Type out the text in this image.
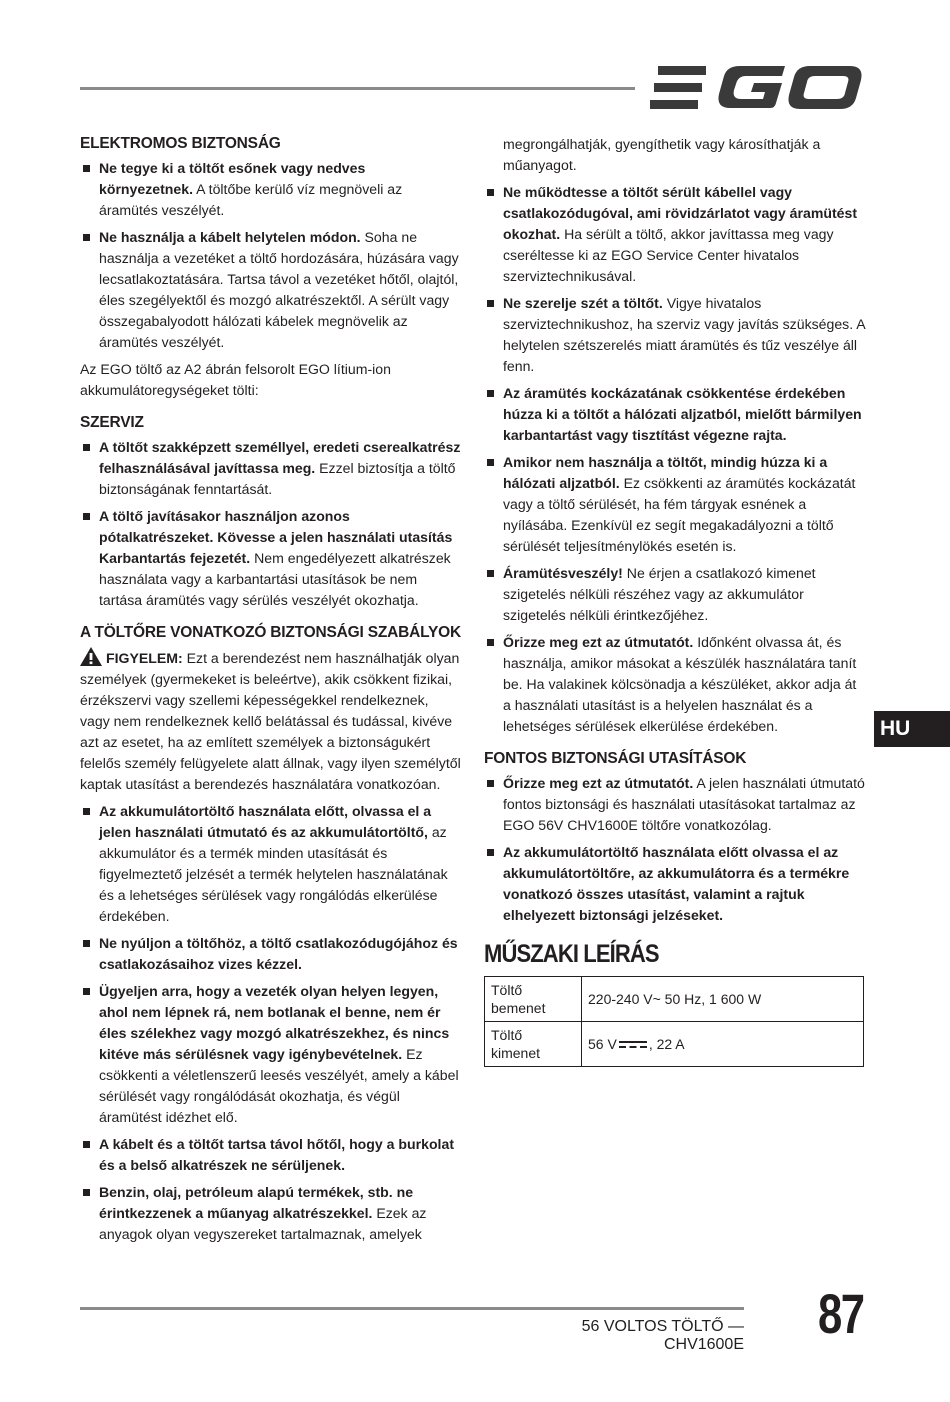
ELEKTROMOS BIZTONSÁG
Ne tegye ki a töltőt esőnek vagy nedves környezetnek. A töltőbe kerülő víz megnöveli az áramütés veszélyét.
Ne használja a kábelt helytelen módon. Soha ne használja a vezetéket a töltő hordozására, húzására vagy lecsatlakoztatására. Tartsa távol a vezetéket hőtől, olajtól, éles szegélyektől és mozgó alkatrészektől. A sérült vagy összegabalyodott hálózati kábelek megnövelik az áramütés veszélyét.
Az EGO töltő az A2 ábrán felsorolt EGO lítium-ion akkumulátoregységeket tölti:
SZERVIZ
A töltőt szakképzett személlyel, eredeti cserealkatrész felhasználásával javíttassa meg. Ezzel biztosítja a töltő biztonságának fenntartását.
A töltő javításakor használjon azonos pótalkatrészeket. Kövesse a jelen használati utasítás Karbantartás fejezetét. Nem engedélyezett alkatrészek használata vagy a karbantartási utasítások be nem tartása áramütés vagy sérülés veszélyét okozhatja.
A TÖLTŐRE VONATKOZÓ BIZTONSÁGI SZABÁLYOK
FIGYELEM: Ezt a berendezést nem használhatják olyan személyek (gyermekeket is beleértve), akik csökkent fizikai, érzékszervi vagy szellemi képességekkel rendelkeznek, vagy nem rendelkeznek kellő belátással és tudással, kivéve azt az esetet, ha az említett személyek a biztonságukért felelős személy felügyelete alatt állnak, vagy ilyen személytől kaptak utasítást a berendezés használatára vonatkozóan.
Az akkumulátortöltő használata előtt, olvassa el a jelen használati útmutató és az akkumulátortöltő, az akkumulátor és a termék minden utasítását és figyelmeztető jelzését a termék helytelen használatának és a lehetséges sérülések vagy rongálódás elkerülése érdekében.
Ne nyúljon a töltőhöz, a töltő csatlakozódugójához és csatlakozásaihoz vizes kézzel.
Ügyeljen arra, hogy a vezeték olyan helyen legyen, ahol nem lépnek rá, nem botlanak el benne, nem ér éles szélekhez vagy mozgó alkatrészekhez, és nincs kitéve más sérülésnek vagy igénybevételnek. Ez csökkenti a véletlenszerű leesés veszélyét, amely a kábel sérülését vagy rongálódását okozhatja, és végül áramütést idézhet elő.
A kábelt és a töltőt tartsa távol hőtől, hogy a burkolat és a belső alkatrészek ne sérüljenek.
Benzin, olaj, petróleum alapú termékek, stb. ne érintkezzenek a műanyag alkatrészekkel. Ezek az anyagok olyan vegyszereket tartalmaznak, amelyek
megrongálhatják, gyengíthetik vagy károsíthatják a műanyagot.
Ne működtesse a töltőt sérült kábellel vagy csatlakozódugóval, ami rövidzárlatot vagy áramütést okozhat. Ha sérült a töltő, akkor javíttassa meg vagy cseréltesse ki az EGO Service Center hivatalos szerviztechnikusával.
Ne szerelje szét a töltőt. Vigye hivatalos szerviztechnikushoz, ha szerviz vagy javítás szükséges. A helytelen szétszerelés miatt áramütés és tűz veszélye áll fenn.
Az áramütés kockázatának csökkentése érdekében húzza ki a töltőt a hálózati aljzatból, mielőtt bármilyen karbantartást vagy tisztítást végezne rajta.
Amikor nem használja a töltőt, mindig húzza ki a hálózati aljzatból. Ez csökkenti az áramütés kockázatát vagy a töltő sérülését, ha fém tárgyak esnének a nyílásába. Ezenkívül ez segít megakadályozni a töltő sérülését teljesítménylökés esetén is.
Áramütésveszély! Ne érjen a csatlakozó kimenet szigetelés nélküli részéhez vagy az akkumulátor szigetelés nélküli érintkezőjéhez.
Őrizze meg ezt az útmutatót. Időnként olvassa át, és használja, amikor másokat a készülék használatára tanít be. Ha valakinek kölcsönadja a készüléket, akkor adja át a használati utasítást is a helyelen használat és a lehetséges sérülések elkerülése érdekében.
FONTOS BIZTONSÁGI UTASÍTÁSOK
Őrizze meg ezt az útmutatót. A jelen használati útmutató fontos biztonsági és használati utasításokat tartalmaz az EGO 56V CHV1600E töltőre vonatkozólag.
Az akkumulátortöltő használata előtt olvassa el az akkumulátortöltőre, az akkumulátorra és a termékre vonatkozó összes utasítást, valamint a rajtuk elhelyezett biztonsági jelzéseket.
MŰSZAKI LEÍRÁS
Töltő bemenet	220-240 V~ 50 Hz, 1 600 W
Töltő kimenet	56 V , 22 A
HU
56 VOLTOS TÖLTŐ — CHV1600E 87
